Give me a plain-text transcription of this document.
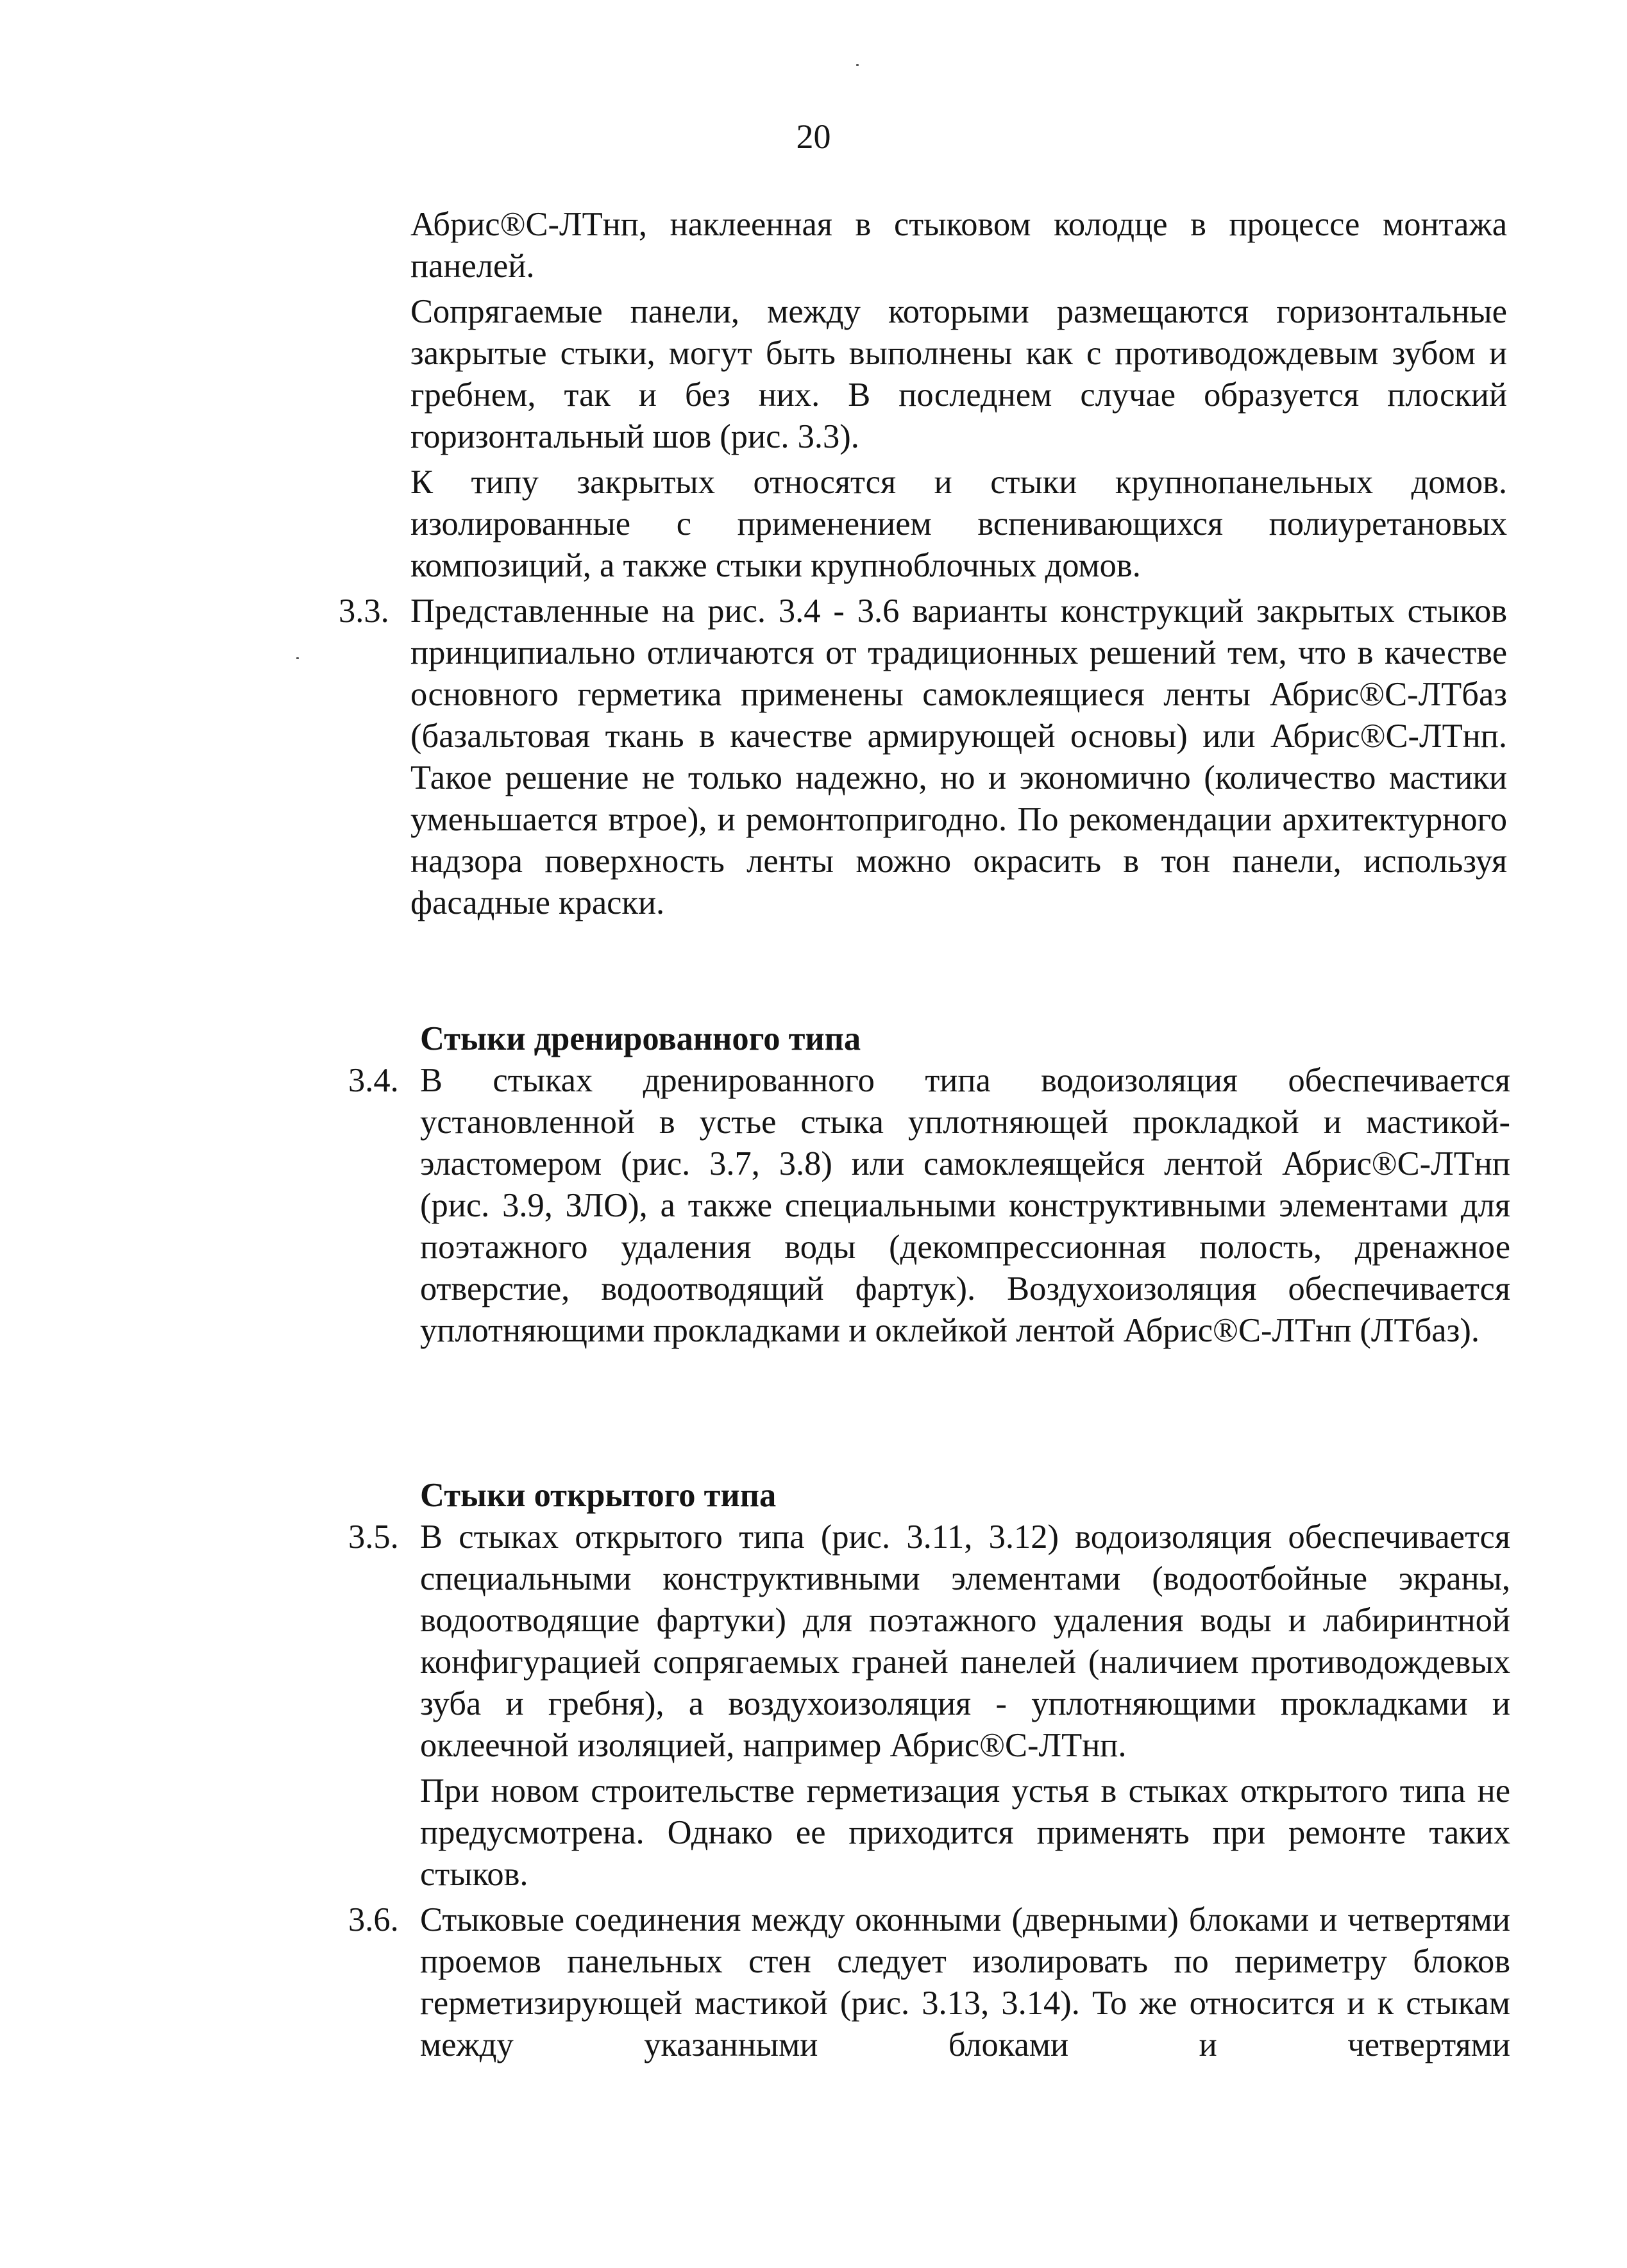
20

Абрис®С-ЛТнп, наклеенная в стыковом колодце в процессе монтажа панелей.

Сопрягаемые панели, между которыми размещаются горизонтальные закрытые стыки, могут быть выполнены как с противодождевым зубом и гребнем, так и без них. В последнем случае образуется плоский горизонтальный шов (рис. 3.3).

К типу закрытых относятся и стыки крупнопанельных домов. изолированные с применением вспенивающихся полиуретановых композиций, а также стыки крупноблочных домов.

3.3. Представленные на рис. 3.4 - 3.6 варианты конструкций закрытых стыков принципиально отличаются от традиционных решений тем, что в качестве основного герметика применены самоклеящиеся ленты Абрис®С-ЛТбаз (базальтовая ткань в качестве армирующей основы) или Абрис®С-ЛТнп. Такое решение не только надежно, но и экономично (количество мастики уменьшается втрое), и ремонтопригодно. По рекомендации архитектурного надзора поверхность ленты можно окрасить в тон панели, используя фасадные краски.

Стыки дренированного типа
3.4. В стыках дренированного типа водоизоляция обеспечивается установленной в устье стыка уплотняющей прокладкой и мастикой-эластомером (рис. 3.7, 3.8) или самоклеящейся лентой Абрис®С-ЛТнп (рис. 3.9, ЗЛО), а также специальными конструктивными элементами для поэтажного удаления воды (декомпрессионная полость, дренажное отверстие, водоотводящий фартук). Воздухоизоляция обеспечивается уплотняющими прокладками и оклейкой лентой Абрис®С-ЛТнп (ЛТбаз).

Стыки открытого типа
3.5. В стыках открытого типа (рис. 3.11, 3.12) водоизоляция обеспечивается специальными конструктивными элементами (водоотбойные экраны, водоотводящие фартуки) для поэтажного удаления воды и лабиринтной конфигурацией сопрягаемых граней панелей (наличием противодождевых зуба и гребня), а воздухоизоляция - уплотняющими прокладками и оклеечной изоляцией, например Абрис®С-ЛТнп.

При новом строительстве герметизация устья в стыках открытого типа не предусмотрена. Однако ее приходится применять при ремонте таких стыков.

3.6. Стыковые соединения между оконными (дверными) блоками и четвертями проемов панельных стен следует изолировать по периметру блоков герметизирующей мастикой (рис. 3.13, 3.14). То же относится и к стыкам между указанными блоками и четвертями
